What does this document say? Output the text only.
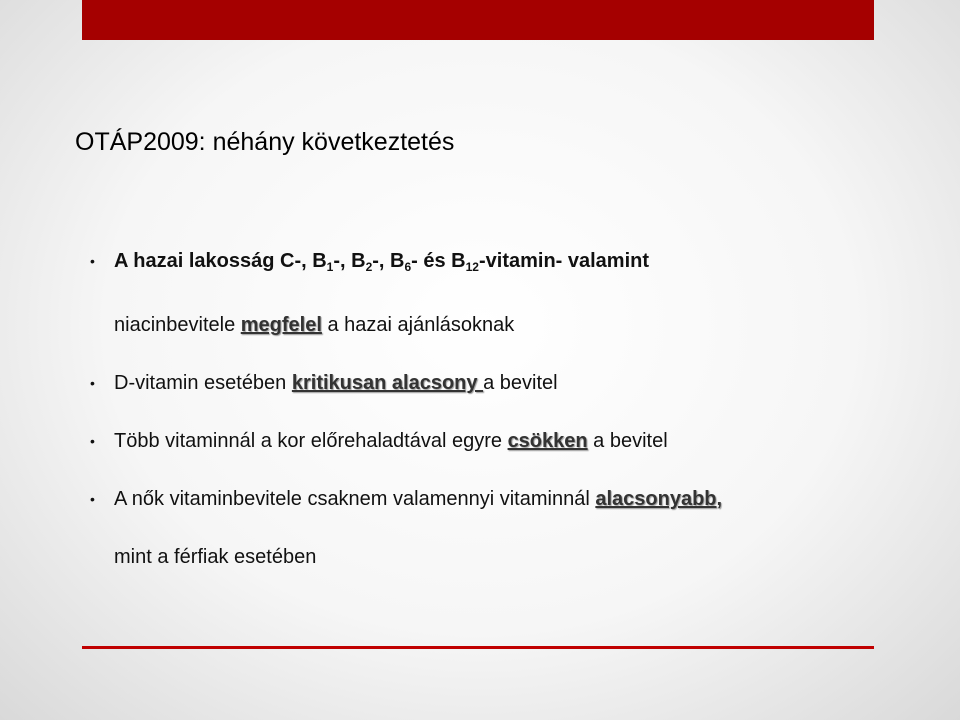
OTÁP2009: néhány következtetés
• A hazai lakosság C-, $B_1-$, $B_2-$, $B_6-$ és $B_{12}-vitamin-$ valamint
niacinbevitele megfelel a hazai ajánlásoknak
• D-vitamin esetében kritikusan alacsony a bevitel
• Több vitaminnál a kor előrehaladtával egyre csökken a bevitel
• A nők vitaminbevitele csaknem valamennyi vitaminnál alacsonyabb,
mint a férfiak esetében
